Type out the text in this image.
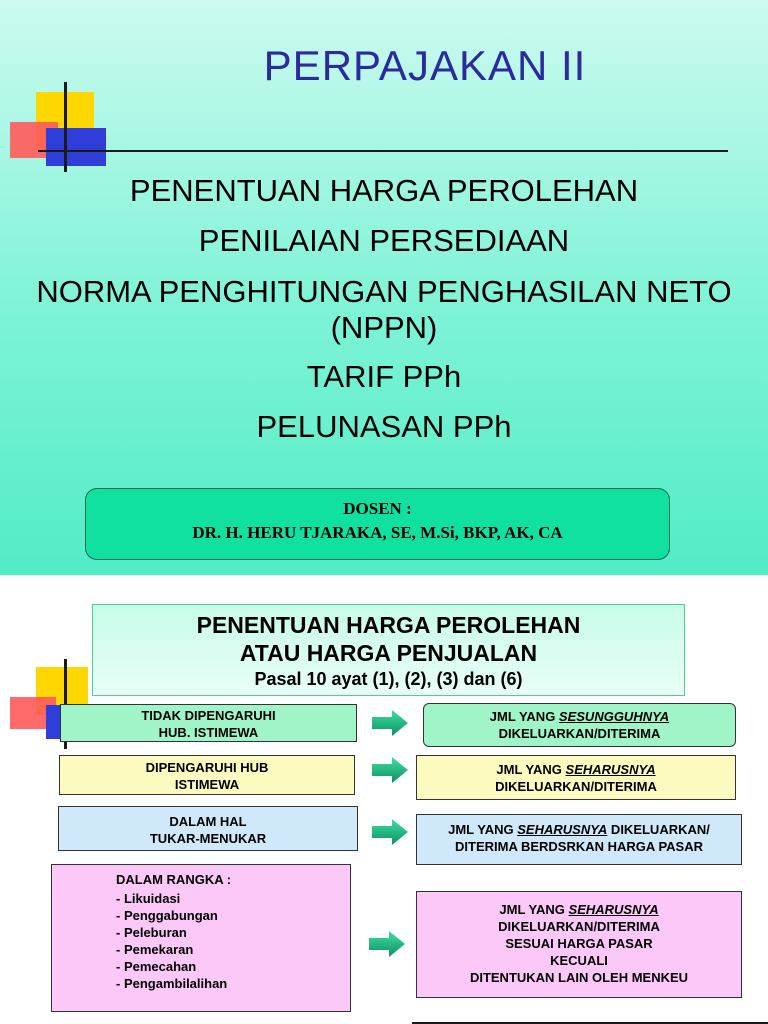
PERPAJAKAN II
PENENTUAN HARGA PEROLEHAN
PENILAIAN PERSEDIAAN
NORMA PENGHITUNGAN PENGHASILAN NETO
(NPPN)
TARIF PPh
PELUNASAN PPh
DOSEN :
DR. H. HERU TJARAKA, SE, M.Si, BKP, AK, CA
PENENTUAN HARGA PEROLEHAN
ATAU HARGA PENJUALAN
Pasal 10 ayat (1), (2), (3) dan (6)
TIDAK DIPENGARUHI
HUB. ISTIMEWA
JML YANG SESUNGGUHNYA
DIKELUARKAN/DITERIMA
DIPENGARUHI HUB
ISTIMEWA
JML YANG SEHARUSNYA
DIKELUARKAN/DITERIMA
DALAM HAL
TUKAR-MENUKAR
JML YANG SEHARUSNYA DIKELUARKAN/
DITERIMA BERDSRKAN HARGA PASAR
DALAM RANGKA :
- Likuidasi
- Penggabungan
- Peleburan
- Pemekaran
- Pemecahan
- Pengambilalihan
JML YANG SEHARUSNYA
DIKELUARKAN/DITERIMA
SESUAI HARGA PASAR
KECUALI
DITENTUKAN LAIN OLEH MENKEU
